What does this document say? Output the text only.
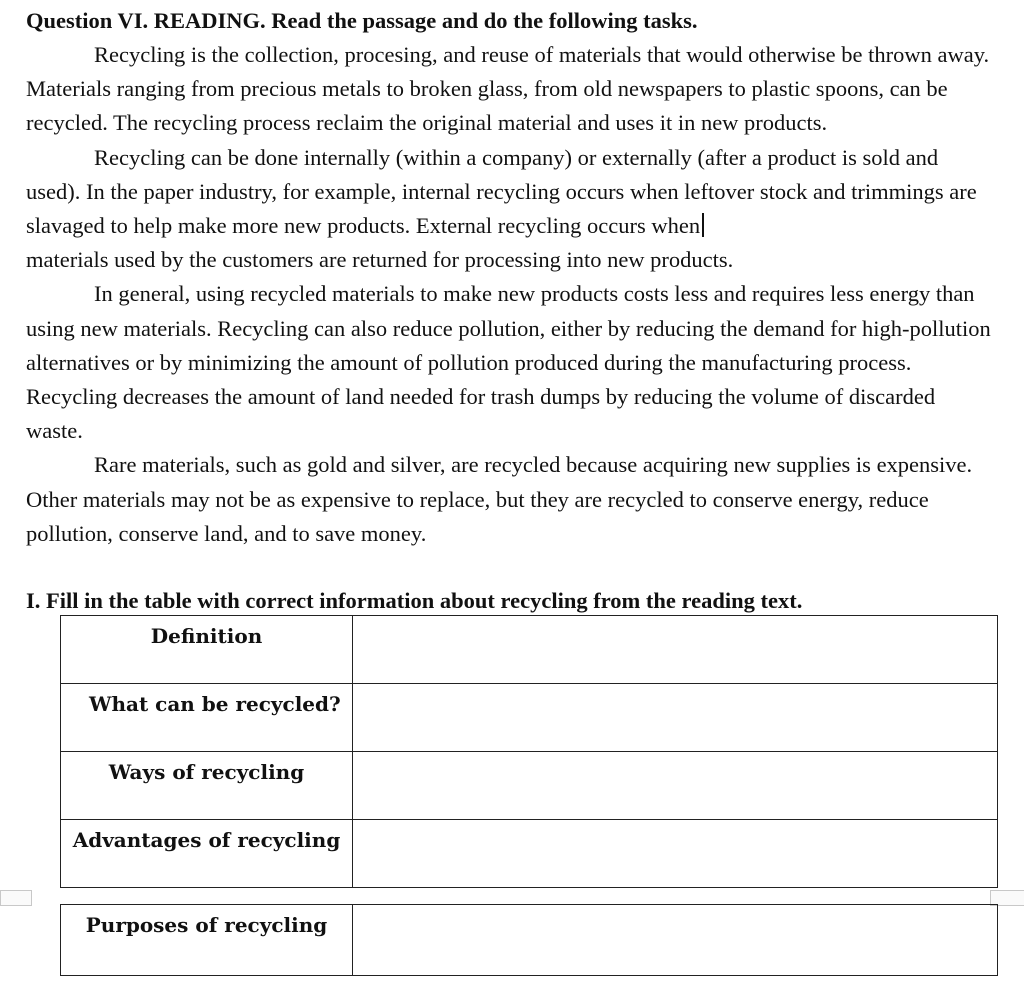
Question VI. READING. Read the passage and do the following tasks.

Recycling is the collection, procesing, and reuse of materials that would otherwise be thrown away. Materials ranging from precious metals to broken glass, from old newspapers to plastic spoons, can be recycled. The recycling process reclaim the original material and uses it in new products.

Recycling can be done internally (within a company) or externally (after a product is sold and used). In the paper industry, for example, internal recycling occurs when leftover stock and trimmings are slavaged to help make more new products. External recycling occurs when
materials used by the customers are returned for processing into new products.

In general, using recycled materials to make new products costs less and requires less energy than using new materials. Recycling can also reduce pollution, either by reducing the demand for high-pollution alternatives or by minimizing the amount of pollution produced during the manufacturing process. Recycling decreases the amount of land needed for trash dumps by reducing the volume of discarded waste.

Rare materials, such as gold and silver, are recycled because acquiring new supplies is expensive. Other materials may not be as expensive to replace, but they are recycled to conserve energy, reduce pollution, conserve land, and to save money.

I. Fill in the table with correct information about recycling from the reading text.
Definition	
What can be recycled?	
Ways of recycling	
Advantages of recycling	
Purposes of recycling	
